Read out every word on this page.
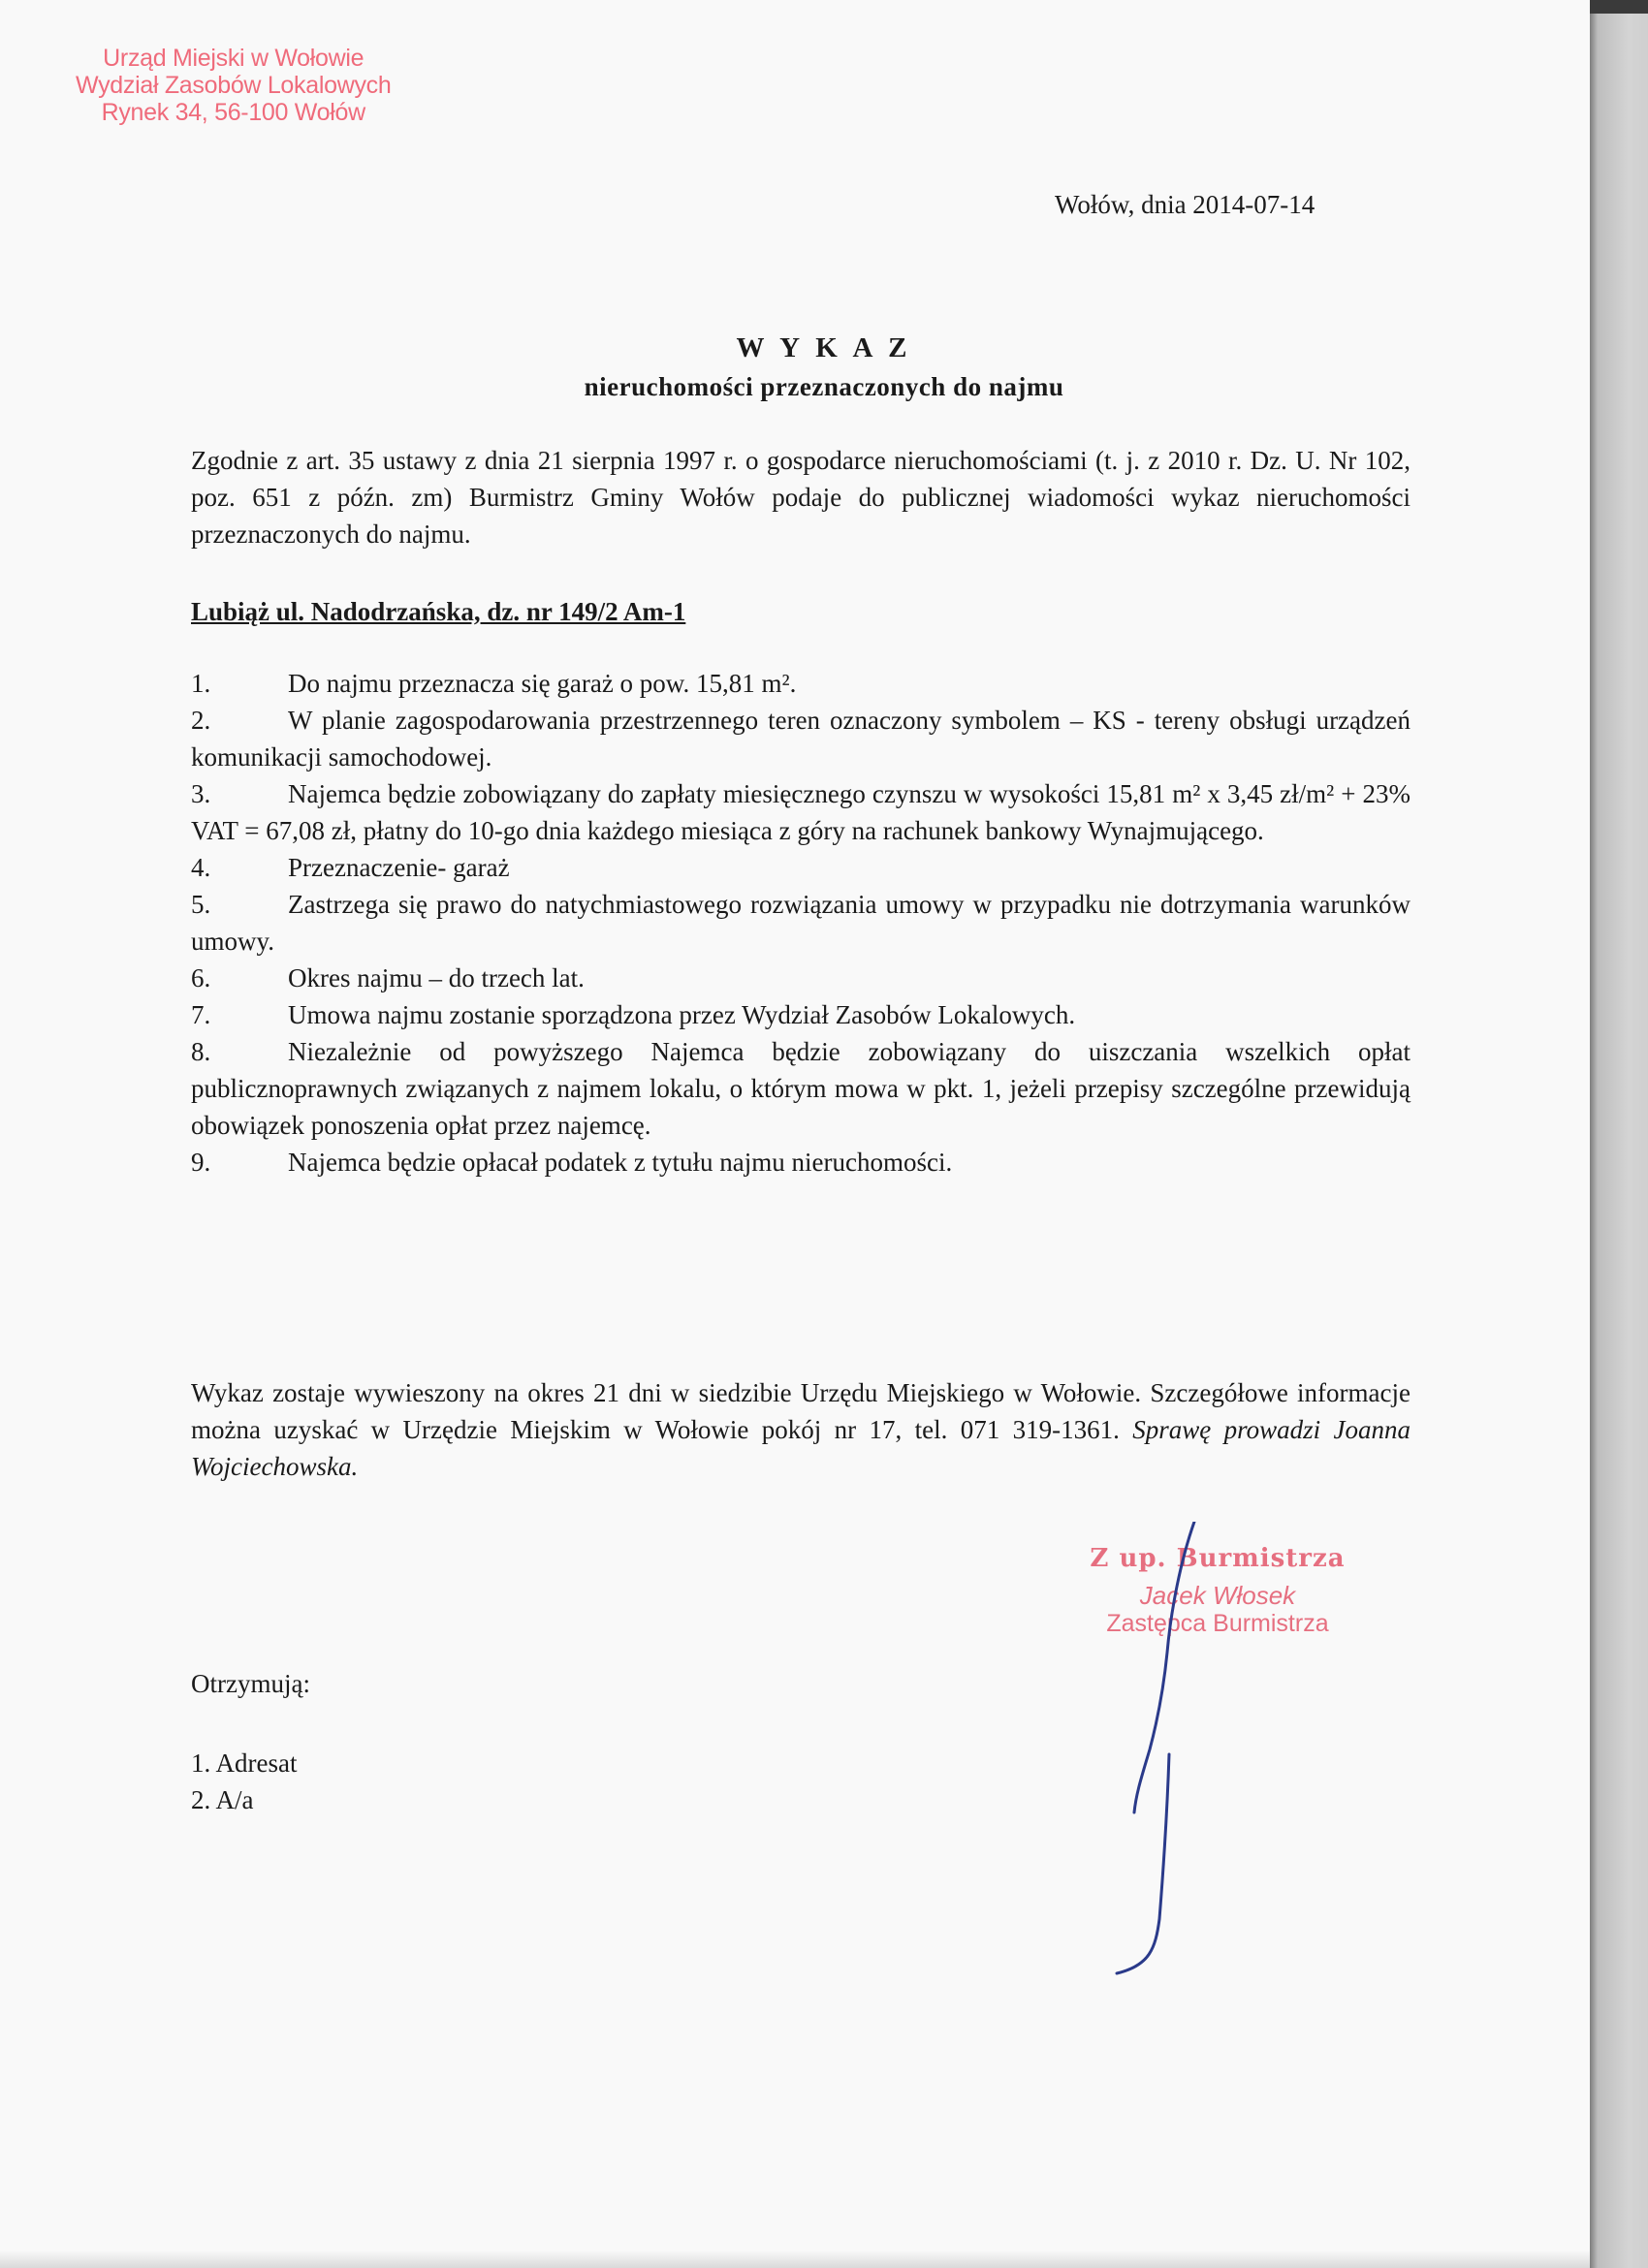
Urząd Miejski w Wołowie
Wydział Zasobów Lokalowych
Rynek 34, 56-100 Wołów
Wołów, dnia 2014-07-14
W Y K A Z
nieruchomości przeznaczonych do najmu
Zgodnie z art. 35 ustawy z dnia 21 sierpnia 1997 r. o gospodarce nieruchomościami (t. j. z 2010 r. Dz. U. Nr 102, poz. 651 z późn. zm) Burmistrz Gminy Wołów podaje do publicznej wiadomości wykaz nieruchomości przeznaczonych do najmu.
Lubiąż ul. Nadodrzańska, dz. nr 149/2 Am-1
1.	Do najmu przeznacza się garaż o pow. 15,81 m².
2.	W planie zagospodarowania przestrzennego teren oznaczony symbolem – KS - tereny obsługi urządzeń komunikacji samochodowej.
3.	Najemca będzie zobowiązany do zapłaty miesięcznego czynszu w wysokości 15,81 m² x 3,45 zł/m² + 23% VAT = 67,08 zł, płatny do 10-go dnia każdego miesiąca z góry na rachunek bankowy Wynajmującego.
4.	Przeznaczenie- garaż
5.	Zastrzega się prawo do natychmiastowego rozwiązania umowy w przypadku nie dotrzymania warunków umowy.
6.	Okres najmu – do trzech lat.
7.	Umowa najmu zostanie sporządzona przez Wydział Zasobów Lokalowych.
8.	Niezależnie od powyższego Najemca będzie zobowiązany do uiszczania wszelkich opłat publicznoprawnych związanych z najmem lokalu, o którym mowa w pkt. 1, jeżeli przepisy szczególne przewidują obowiązek ponoszenia opłat przez najemcę.
9.	Najemca będzie opłacał podatek z tytułu najmu nieruchomości.
Wykaz zostaje wywieszony na okres 21 dni w siedzibie Urzędu Miejskiego w Wołowie. Szczegółowe informacje można uzyskać w Urzędzie Miejskim w Wołowie pokój nr 17, tel. 071 319-1361. Sprawę prowadzi Joanna Wojciechowska.
Z up. Burmistrza
Jacek Włosek
Zastępca Burmistrza
Otrzymują:
1. Adresat
2. A/a
